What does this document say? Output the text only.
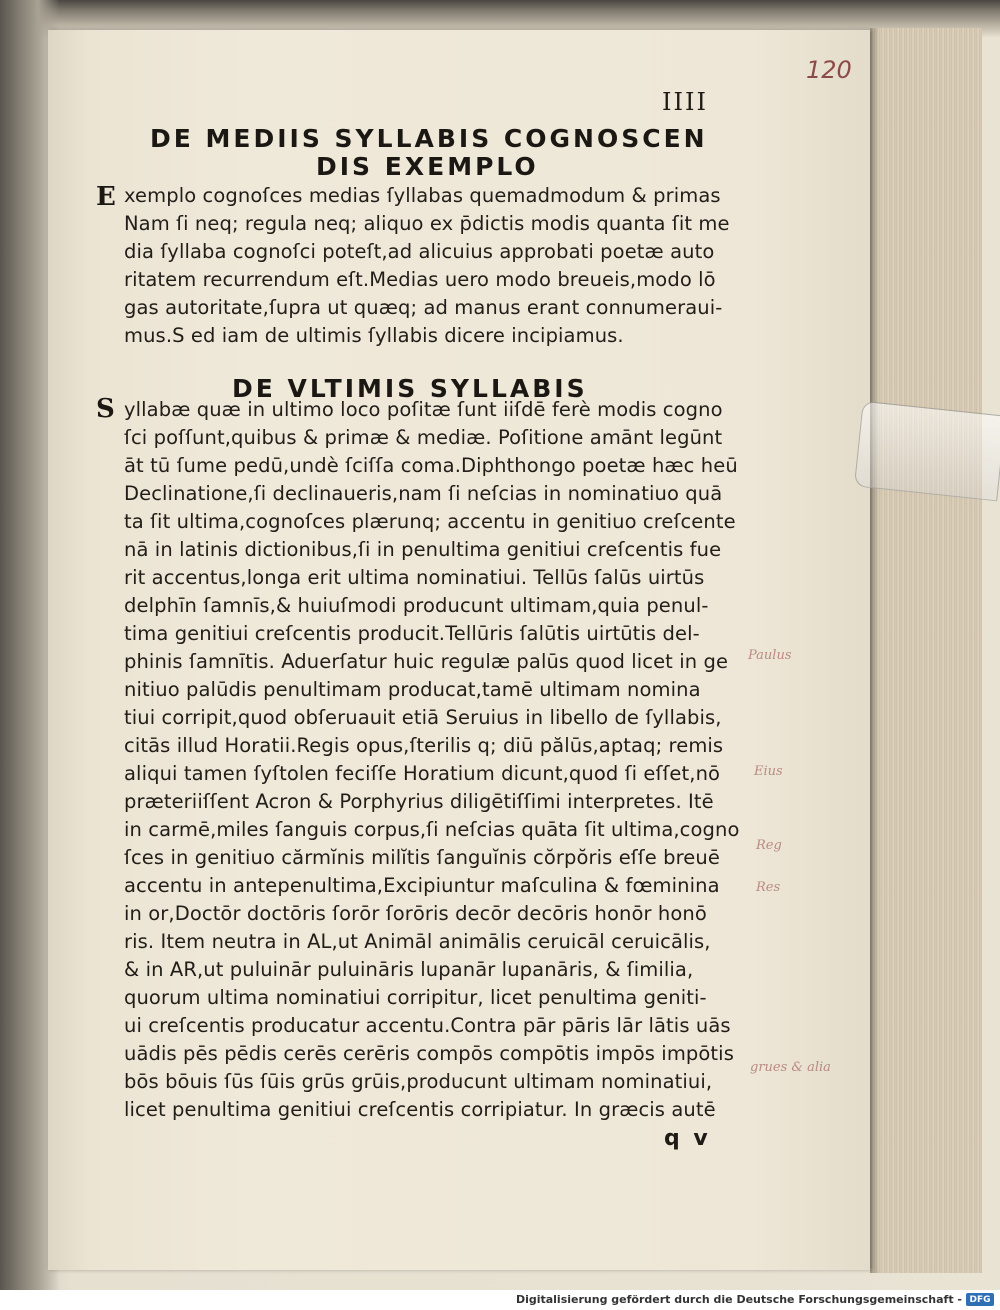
120
IIII
DE MEDIIS SYLLABIS COGNOSCEN
DIS EXEMPLO
E xemplo cognoſces medias ſyllabas quemadmodum & primas
Nam ſi neq; regula neq; aliquo ex p̄dictis modis quanta ſit me
dia ſyllaba cognoſci poteſt,ad alicuius approbati poetæ auto
ritatem recurrendum eſt.Medias uero modo breueis,modo lō
gas autoritate,ſupra ut quæq; ad manus erant connumeraui-
mus.S ed iam de ultimis ſyllabis dicere incipiamus.
DE VLTIMIS SYLLABIS
S yllabæ quæ in ultimo loco poſitæ ſunt iiſdē ferè modis cogno
ſci poſſunt,quibus & primæ & mediæ. Poſitione amānt legūnt
āt tū ſume pedū,undè ſciſſa coma.Diphthongo poetæ hæc heū
Declinatione,ſi declinaueris,nam ſi neſcias in nominatiuo quā
ta ſit ultima,cognoſces plærunq; accentu in genitiuo creſcente
nā in latinis dictionibus,ſi in penultima genitiui creſcentis fue
rit accentus,longa erit ultima nominatiui. Tellūs ſalūs uirtūs
delphīn ſamnīs,& huiuſmodi producunt ultimam,quia penul-
tima genitiui creſcentis producit.Tellūris ſalūtis uirtūtis del-
phinis ſamnītis. Aduerſatur huic regulæ palūs quod licet in ge
nitiuo palūdis penultimam producat,tamē ultimam nomina
tiui corripit,quod obſeruauit etiā Seruius in libello de ſyllabis,
citās illud Horatii.Regis opus,ſterilis q; diū pălūs,aptaq; remis
aliqui tamen ſyſtolen feciſſe Horatium dicunt,quod ſi eſſet,nō
præteriiſſent Acron & Porphyrius diligētiſſimi interpretes. Itē
in carmē,miles ſanguis corpus,ſi neſcias quāta ſit ultima,cogno
ſces in genitiuo cărmĭnis milĭtis ſanguĭnis cŏrpŏris eſſe breuē
accentu in antepenultima,Excipiuntur maſculina & fœminina
in or,Doctōr doctōris ſorōr ſorōris decōr decōris honōr honō
ris. Item neutra in AL,ut Animāl animālis ceruicāl ceruicālis,
& in AR,ut puluinār puluināris lupanār lupanāris, & ſimilia,
quorum ultima nominatiui corripitur, licet penultima geniti-
ui creſcentis producatur accentu.Contra pār pāris lār lātis uās
uādis pēs pēdis cerēs cerēris compōs compōtis impōs impōtis
bōs bōuis ſūs ſūis grūs grūis,producunt ultimam nominatiui,
licet penultima genitiui creſcentis corripiatur. In græcis autē
q v
Paulus
Eius
Reg
Res
grues & alia
Digitalisierung gefördert durch die Deutsche Forschungsgemeinschaft - DFG
